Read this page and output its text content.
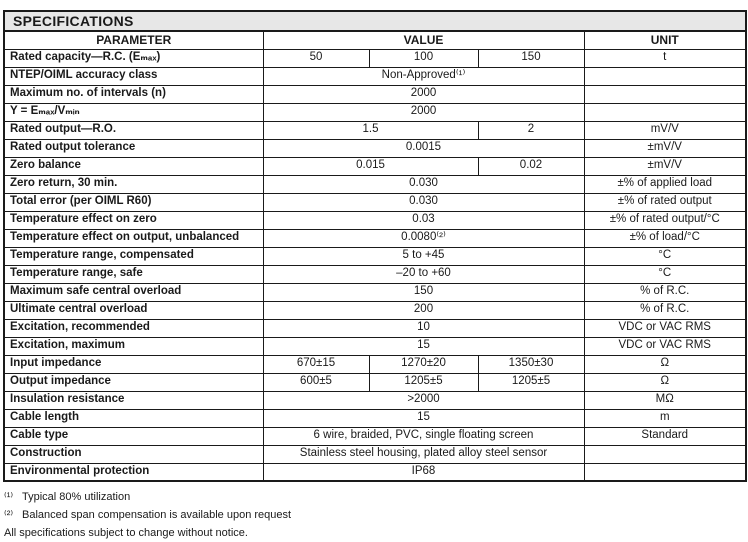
SPECIFICATIONS				
PARAMETER	VALUE			UNIT
Rated capacity—R.C. (Eₘₐₓ)	50	100	150	t
NTEP/OIML accuracy class	Non-Approved⁽¹⁾			
Maximum no. of intervals (n)	2000			
Y = Eₘₐₓ/Vₘᵢₙ	2000			
Rated output—R.O.	1.5		2	mV/V
Rated output tolerance	0.0015			±mV/V
Zero balance	0.015		0.02	±mV/V
Zero return, 30 min.	0.030			±% of applied load
Total error (per OIML R60)	0.030			±% of rated output
Temperature effect on zero	0.03			±% of rated output/°C
Temperature effect on output, unbalanced	0.0080⁽²⁾			±% of load/°C
Temperature range, compensated	5 to +45			°C
Temperature range, safe	–20 to +60			°C
Maximum safe central overload	150			% of R.C.
Ultimate central overload	200			% of R.C.
Excitation, recommended	10			VDC or VAC RMS
Excitation, maximum	15			VDC or VAC RMS
Input impedance	670±15	1270±20	1350±30	Ω
Output impedance	600±5	1205±5	1205±5	Ω
Insulation resistance	>2000			MΩ
Cable length	15			m
Cable type	6 wire, braided, PVC, single floating screen			Standard
Construction	Stainless steel housing, plated alloy steel sensor			
Environmental protection	IP68			
⁽¹⁾ Typical 80% utilization
⁽²⁾ Balanced span compensation is available upon request
All specifications subject to change without notice.
